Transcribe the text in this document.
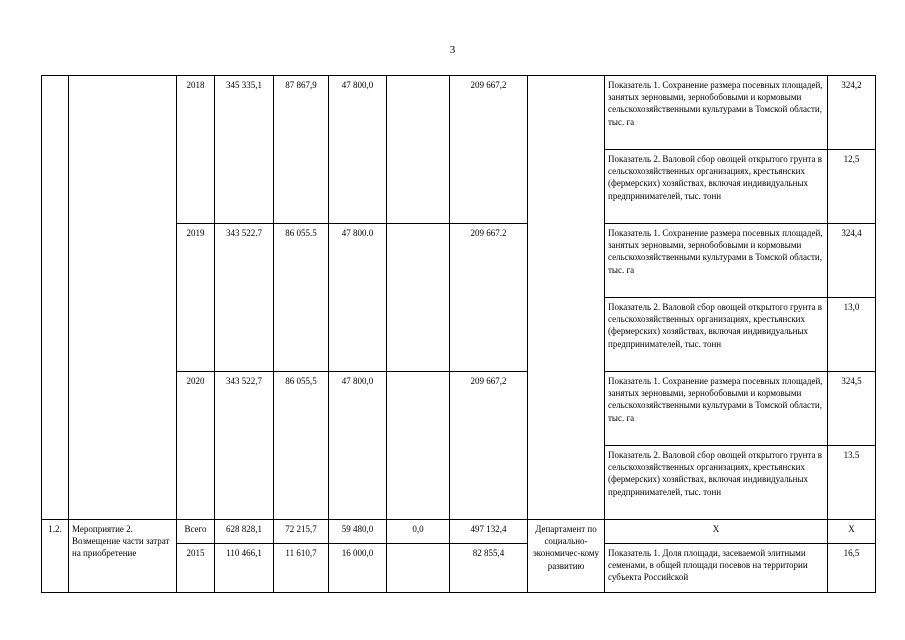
3
		2018	345 335,1	87 867,9	47 800,0		209 667,2		Показатель 1. Сохранение размера посевных площадей, занятых зерновыми, зернобобовыми и кормовыми сельскохозяйственными культурами в Томской области, тыс. га	324,2
									Показатель 2. Валовой сбор овощей открытого грунта в сельскохозяйственных организациях, крестьянских (фермерских) хозяйствах, включая индивидуальных предпринимателей, тыс. тонн	12,5
		2019	343 522.7	86 055.5	47 800.0		209 667.2		Показатель 1. Сохранение размера посевных площадей, занятых зерновыми, зернобобовыми и кормовыми сельскохозяйственными культурами в Томской области, тыс. га	324,4
									Показатель 2. Валовой сбор овощей открытого грунта в сельскохозяйственных организациях, крестьянских (фермерских) хозяйствах, включая индивидуальных предпринимателей, тыс. тонн	13,0
		2020	343 522,7	86 055,5	47 800,0		209 667,2		Показатель 1. Сохранение размера посевных площадей, занятых зерновыми, зернобобовыми и кормовыми сельскохозяйственными культурами в Томской области, тыс. га	324,5
									Показатель 2. Валовой сбор овощей открытого грунта в сельскохозяйственных организациях, крестьянских (фермерских) хозяйствах, включая индивидуальных предпринимателей, тыс. тонн	13.5
1.2.	Мероприятие 2. Возмещение части затрат на приобретение	Всего	628 828,1	72 215,7	59 480,0	0,0	497 132,4	Департамент по социально-экономичес-кому развитию	Х	Х
		2015	110 466,1	11 610,7	16 000,0		82 855,4		Показатель 1. Доля площади, засеваемой элитными семенами, в общей площади посевов на территории субъекта Российской	16,5
